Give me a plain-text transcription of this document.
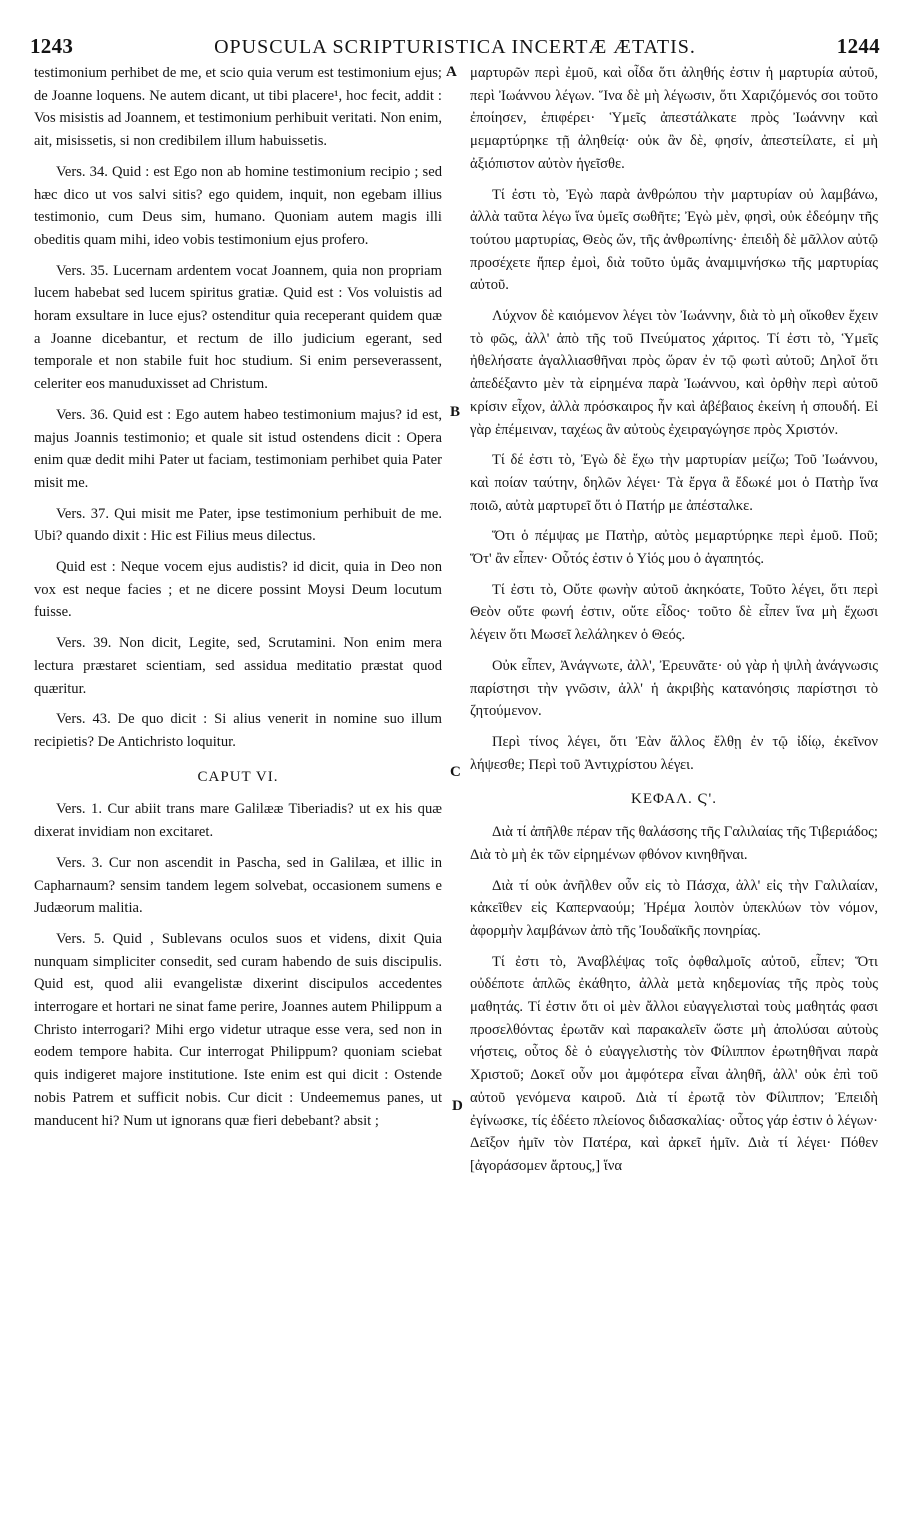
1243	OPUSCULA SCRIPTURISTICA INCERTÆ ÆTATIS.	1244
A
B
C
D

testimonium perhibet de me, et scio quia verum est testimonium ejus; de Joanne loquens. Ne autem dicant, ut tibi placere¹, hoc fecit, addit : Vos misistis ad Joannem, et testimonium perhibuit veritati. Non enim, ait, misissetis, si non credibilem illum habuissetis.

Vers. 34. Quid : est Ego non ab homine testimonium recipio ; sed hæc dico ut vos salvi sitis? ego quidem, inquit, non egebam illius testimonio, cum Deus sim, humano. Quoniam autem magis illi obeditis quam mihi, ideo vobis testimonium ejus profero.

Vers. 35. Lucernam ardentem vocat Joannem, quia non propriam lucem habebat sed lucem spiritus gratiæ. Quid est : Vos voluistis ad horam exsultare in luce ejus? ostenditur quia receperant quidem quæ a Joanne dicebantur, et rectum de illo judicium egerant, sed temporale et non stabile fuit hoc studium. Si enim perseverassent, celeriter eos manuduxisset ad Christum.

Vers. 36. Quid est : Ego autem habeo testimonium majus? id est, majus Joannis testimonio; et quale sit istud ostendens dicit : Opera enim quæ dedit mihi Pater ut faciam, testimoniam perhibet quia Pater misit me.

Vers. 37. Qui misit me Pater, ipse testimonium perhibuit de me. Ubi? quando dixit : Hic est Filius meus dilectus.

Quid est : Neque vocem ejus audistis? id dicit, quia in Deo non vox est neque facies ; et ne dicere possint Moysi Deum locutum fuisse.

Vers. 39. Non dicit, Legite, sed, Scrutamini. Non enim mera lectura præstaret scientiam, sed assidua meditatio præstat quod quæritur.

Vers. 43. De quo dicit : Si alius venerit in nomine suo illum recipietis? De Antichristo loquitur.

CAPUT VI.

Vers. 1. Cur abiit trans mare Galilææ Tiberiadis? ut ex his quæ dixerat invidiam non excitaret.

Vers. 3. Cur non ascendit in Pascha, sed in Galilæa, et illic in Capharnaum? sensim tandem legem solvebat, occasionem sumens e Judæorum malitia.

Vers. 5. Quid , Sublevans oculos suos et videns, dixit Quia nunquam simpliciter consedit, sed curam habendo de suis discipulis. Quid est, quod alii evangelistæ dixerint discipulos accedentes interrogare et hortari ne sinat fame perire, Joannes autem Philippum a Christo interrogari? Mihi ergo videtur utraque esse vera, sed non in eodem tempore habita. Cur interrogat Philippum? quoniam sciebat quis indigeret majore institutione. Iste enim est qui dicit : Ostende nobis Patrem et sufficit nobis. Cur dicit : Undeememus panes, ut manducent hi? Num ut ignorans quæ fieri debebant? absit ;

μαρτυρῶν περὶ ἐμοῦ, καὶ οἶδα ὅτι ἀληθής ἐστιν ἡ μαρτυρία αὐτοῦ, περὶ Ἰωάννου λέγων. Ἵνα δὲ μὴ λέγωσιν, ὅτι Χαριζόμενός σοι τοῦτο ἐποίησεν, ἐπιφέρει· Ὑμεῖς ἀπεστάλκατε πρὸς Ἰωάννην καὶ μεμαρτύρηκε τῇ ἀληθείᾳ· οὐκ ἂν δὲ, φησίν, ἀπεστείλατε, εἰ μὴ ἀξιόπιστον αὐτὸν ἡγεῖσθε.

Τί ἐστι τὸ, Ἐγὼ παρὰ ἀνθρώπου τὴν μαρτυρίαν οὐ λαμβάνω, ἀλλὰ ταῦτα λέγω ἵνα ὑμεῖς σωθῆτε; Ἐγὼ μὲν, φησὶ, οὐκ ἐδεόμην τῆς τούτου μαρτυρίας, Θεὸς ὤν, τῆς ἀνθρωπίνης· ἐπειδὴ δὲ μᾶλλον αὐτῷ προσέχετε ἤπερ ἐμοὶ, διὰ τοῦτο ὑμᾶς ἀναμιμνήσκω τῆς μαρτυρίας αὐτοῦ.

Λύχνον δὲ καιόμενον λέγει τὸν Ἰωάννην, διὰ τὸ μὴ οἴκοθεν ἔχειν τὸ φῶς, ἀλλ' ἀπὸ τῆς τοῦ Πνεύματος χάριτος. Τί ἐστι τὸ, Ὑμεῖς ἠθελήσατε ἀγαλλιασθῆναι πρὸς ὥραν ἐν τῷ φωτὶ αὐτοῦ; Δηλοῖ ὅτι ἀπεδέξαντο μὲν τὰ εἰρημένα παρὰ Ἰωάννου, καὶ ὀρθὴν περὶ αὐτοῦ κρίσιν εἶχον, ἀλλὰ πρόσκαιρος ἦν καὶ ἀβέβαιος ἐκείνη ἡ σπουδή. Εἰ γὰρ ἐπέμειναν, ταχέως ἂν αὐτοὺς ἐχειραγώγησε πρὸς Χριστόν.

Τί δέ ἐστι τὸ, Ἐγὼ δὲ ἔχω τὴν μαρτυρίαν μείζω; Τοῦ Ἰωάννου, καὶ ποίαν ταύτην, δηλῶν λέγει· Τὰ ἔργα ἃ ἔδωκέ μοι ὁ Πατὴρ ἵνα ποιῶ, αὐτὰ μαρτυρεῖ ὅτι ὁ Πατήρ με ἀπέσταλκε.

Ὅτι ὁ πέμψας με Πατὴρ, αὐτὸς μεμαρτύρηκε περὶ ἐμοῦ. Ποῦ; Ὅτ' ἂν εἶπεν· Οὗτός ἐστιν ὁ Υἱός μου ὁ ἀγαπητός.

Τί ἐστι τὸ, Οὔτε φωνὴν αὐτοῦ ἀκηκόατε, Τοῦτο λέγει, ὅτι περὶ Θεὸν οὔτε φωνή ἐστιν, οὔτε εἶδος· τοῦτο δὲ εἶπεν ἵνα μὴ ἔχωσι λέγειν ὅτι Μωσεῖ λελάληκεν ὁ Θεός.

Οὐκ εἶπεν, Ἀνάγνωτε, ἀλλ', Ἐρευνᾶτε· οὐ γὰρ ἡ ψιλὴ ἀνάγνωσις παρίστησι τὴν γνῶσιν, ἀλλ' ἡ ἀκριβὴς κατανόησις παρίστησι τὸ ζητούμενον.

Περὶ τίνος λέγει, ὅτι Ἐὰν ἄλλος ἔλθῃ ἐν τῷ ἰδίῳ, ἐκεῖνον λήψεσθε; Περὶ τοῦ Ἀντιχρίστου λέγει.

ΚΕΦΑΛ. Ϛ'.

Διὰ τί ἀπῆλθε πέραν τῆς θαλάσσης τῆς Γαλιλαίας τῆς Τιβεριάδος; Διὰ τὸ μὴ ἐκ τῶν εἰρημένων φθόνον κινηθῆναι.

Διὰ τί οὐκ ἀνῆλθεν οὖν εἰς τὸ Πάσχα, ἀλλ' εἰς τὴν Γαλιλαίαν, κἀκεῖθεν εἰς Καπερναούμ; Ἠρέμα λοιπὸν ὑπεκλύων τὸν νόμον, ἀφορμὴν λαμβάνων ἀπὸ τῆς Ἰουδαϊκῆς πονηρίας.

Τί ἐστι τὸ, Ἀναβλέψας τοῖς ὀφθαλμοῖς αὐτοῦ, εἶπεν; Ὅτι οὐδέποτε ἁπλῶς ἐκάθητο, ἀλλὰ μετὰ κηδεμονίας τῆς πρὸς τοὺς μαθητάς. Τί ἐστιν ὅτι οἱ μὲν ἄλλοι εὐαγγελισταὶ τοὺς μαθητάς φασι προσελθόντας ἐρωτᾶν καὶ παρακαλεῖν ὥστε μὴ ἀπολύσαι αὐτοὺς νήστεις, οὗτος δὲ ὁ εὐαγγελιστὴς τὸν Φίλιππον ἐρωτηθῆναι παρὰ Χριστοῦ; Δοκεῖ οὖν μοι ἀμφότερα εἶναι ἀληθῆ, ἀλλ' οὐκ ἐπὶ τοῦ αὐτοῦ γενόμενα καιροῦ. Διὰ τί ἐρωτᾷ τὸν Φίλιππον; Ἐπειδὴ ἐγίνωσκε, τίς ἐδέετο πλείονος διδασκαλίας· οὗτος γάρ ἐστιν ὁ λέγων· Δεῖξον ἡμῖν τὸν Πατέρα, καὶ ἀρκεῖ ἡμῖν. Διὰ τί λέγει· Πόθεν [ἀγοράσομεν ἄρτους,] ἵνα
